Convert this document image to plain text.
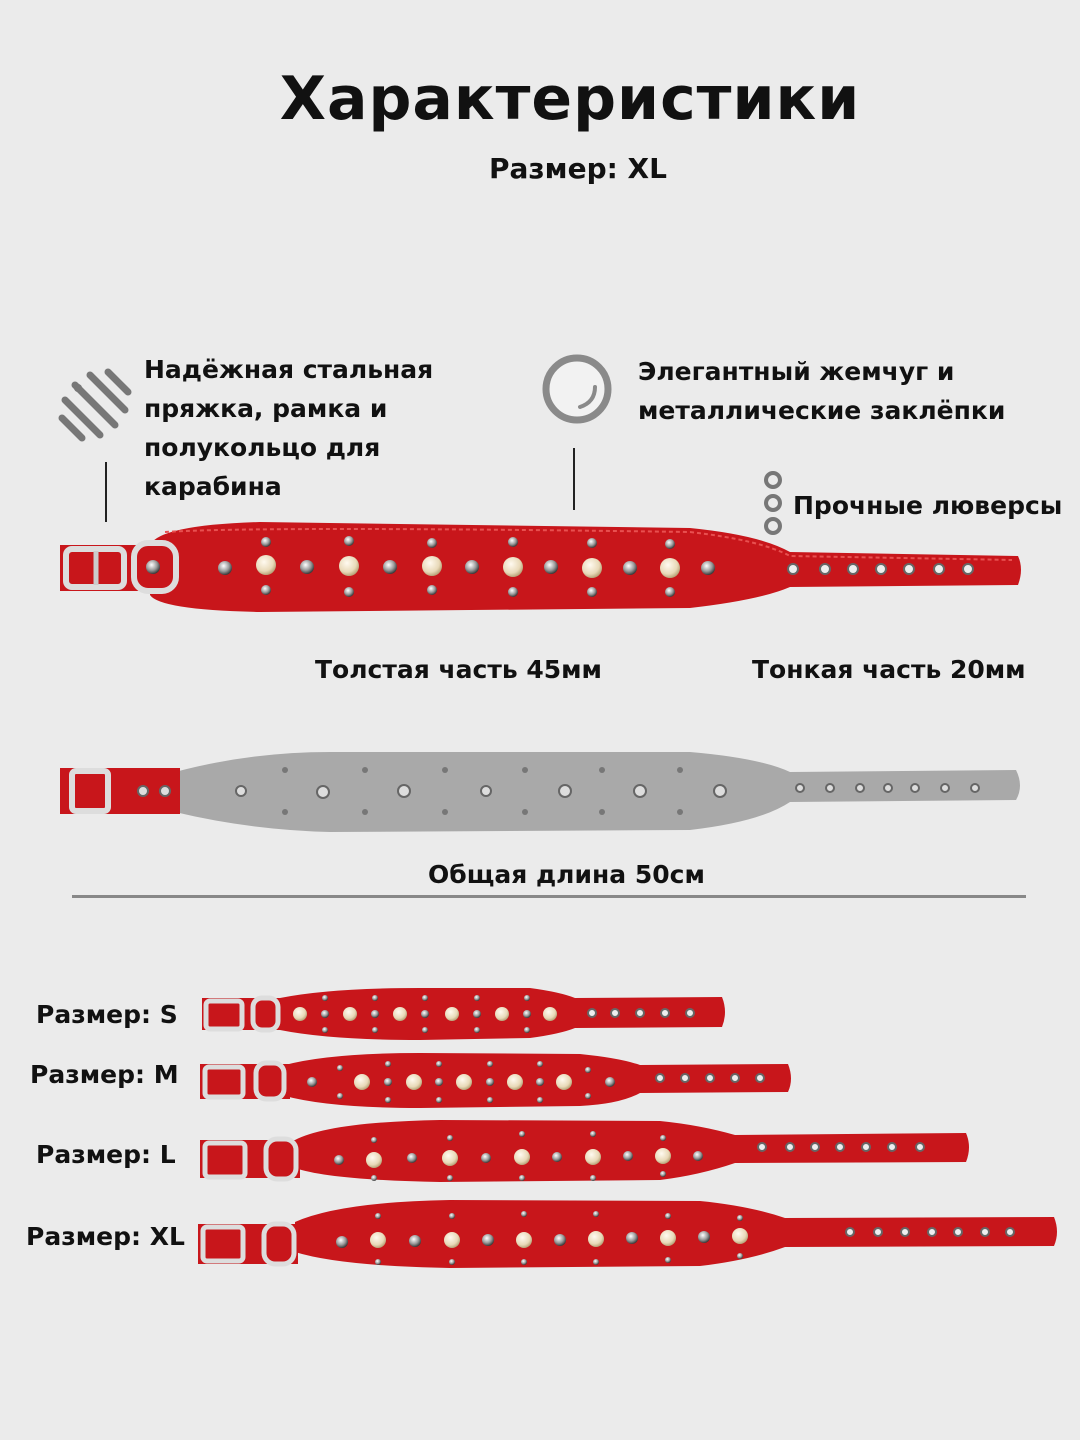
Характеристики
Размер: XL
Надёжная стальная пряжка, рамка и полукольцо для карабина
Элегантный жемчуг и металлические заклёпки
Прочные люверсы
Толстая часть 45мм	Тонкая часть 20мм
Общая длина 50см
Размер: S
Размер: M
Размер: L
Размер: XL
